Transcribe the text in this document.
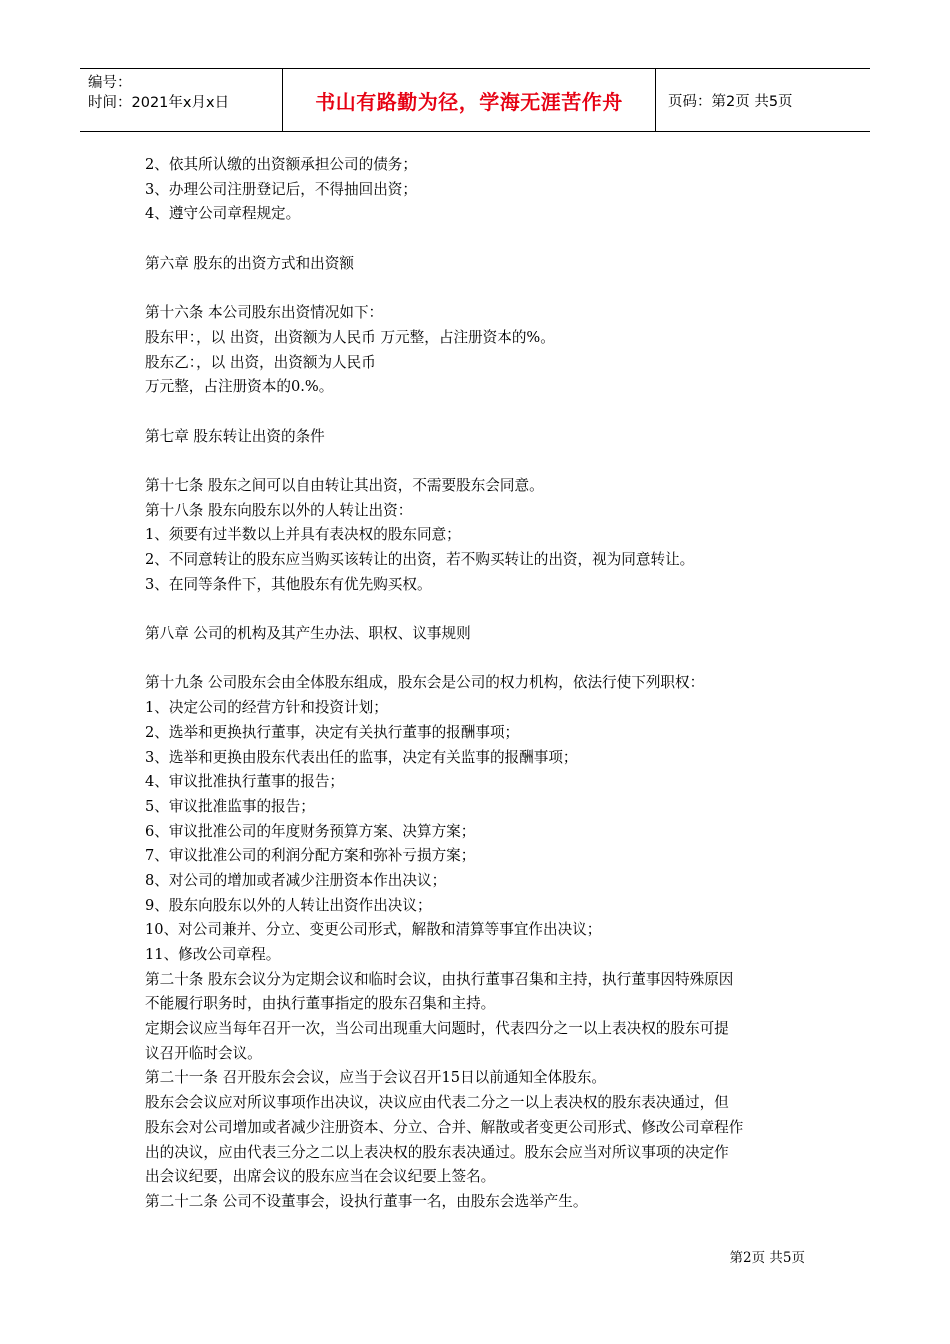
编号：
时间：2021年x月x日	书山有路勤为径，学海无涯苦作舟	页码：第2页 共5页
2、依其所认缴的出资额承担公司的债务；
3、办理公司注册登记后，不得抽回出资；
4、遵守公司章程规定。
第六章 股东的出资方式和出资额
第十六条 本公司股东出资情况如下：
股东甲：，以 出资，出资额为人民币 万元整，占注册资本的%。
股东乙：，以 出资，出资额为人民币
万元整，占注册资本的0.%。
第七章 股东转让出资的条件
第十七条 股东之间可以自由转让其出资，不需要股东会同意。
第十八条 股东向股东以外的人转让出资：
1、须要有过半数以上并具有表决权的股东同意；
2、不同意转让的股东应当购买该转让的出资，若不购买转让的出资，视为同意转让。
3、在同等条件下，其他股东有优先购买权。
第八章 公司的机构及其产生办法、职权、议事规则
第十九条 公司股东会由全体股东组成，股东会是公司的权力机构，依法行使下列职权：
1、决定公司的经营方针和投资计划；
2、选举和更换执行董事，决定有关执行董事的报酬事项；
3、选举和更换由股东代表出任的监事，决定有关监事的报酬事项；
4、审议批准执行董事的报告；
5、审议批准监事的报告；
6、审议批准公司的年度财务预算方案、决算方案；
7、审议批准公司的利润分配方案和弥补亏损方案；
8、对公司的增加或者减少注册资本作出决议；
9、股东向股东以外的人转让出资作出决议；
10、对公司兼并、分立、变更公司形式，解散和清算等事宜作出决议；
11、修改公司章程。
第二十条 股东会议分为定期会议和临时会议，由执行董事召集和主持，执行董事因特殊原因
不能履行职务时，由执行董事指定的股东召集和主持。
定期会议应当每年召开一次，当公司出现重大问题时，代表四分之一以上表决权的股东可提
议召开临时会议。
第二十一条 召开股东会会议，应当于会议召开15日以前通知全体股东。
股东会会议应对所议事项作出决议，决议应由代表二分之一以上表决权的股东表决通过，但
股东会对公司增加或者减少注册资本、分立、合并、解散或者变更公司形式、修改公司章程作
出的决议，应由代表三分之二以上表决权的股东表决通过。股东会应当对所议事项的决定作
出会议纪要，出席会议的股东应当在会议纪要上签名。
第二十二条 公司不设董事会，设执行董事一名，由股东会选举产生。
第2页 共5页
